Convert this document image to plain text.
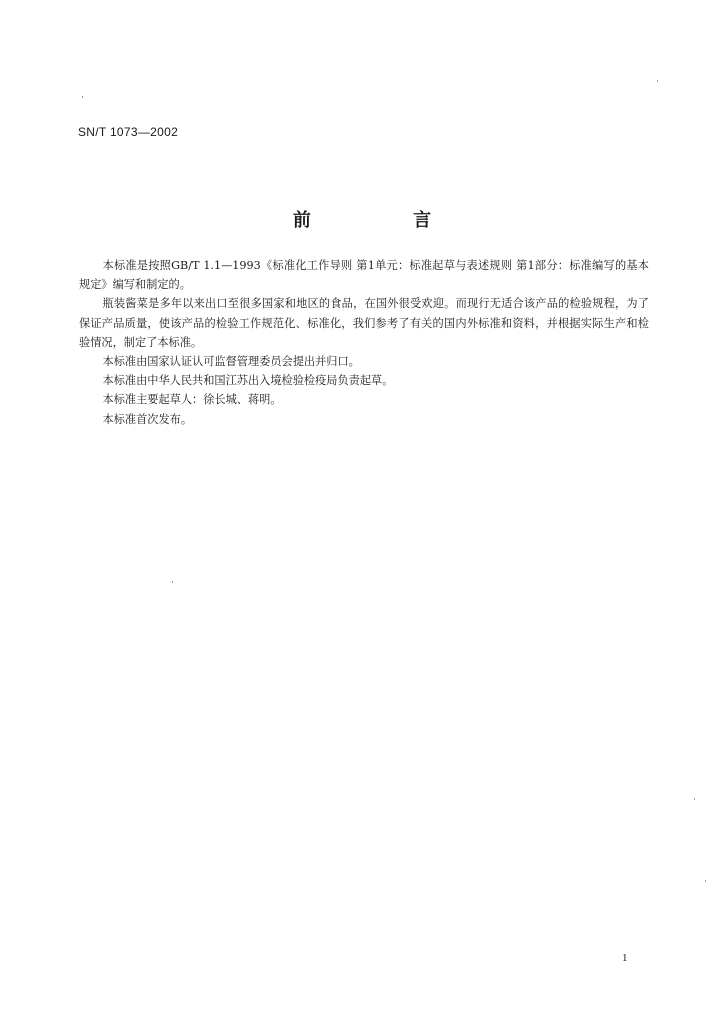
SN/T 1073—2002
前 言

本标准是按照GB/T 1.1—1993《标准化工作导则 第1单元：标准起草与表述规则 第1部分：标准编写的基本规定》编写和制定的。

瓶装酱菜是多年以来出口至很多国家和地区的食品，在国外很受欢迎。而现行无适合该产品的检验规程，为了保证产品质量，使该产品的检验工作规范化、标准化，我们参考了有关的国内外标准和资料，并根据实际生产和检验情况，制定了本标准。

本标准由国家认证认可监督管理委员会提出并归口。

本标准由中华人民共和国江苏出入境检验检疫局负责起草。

本标准主要起草人：徐长城、蒋明。

本标准首次发布。

1
